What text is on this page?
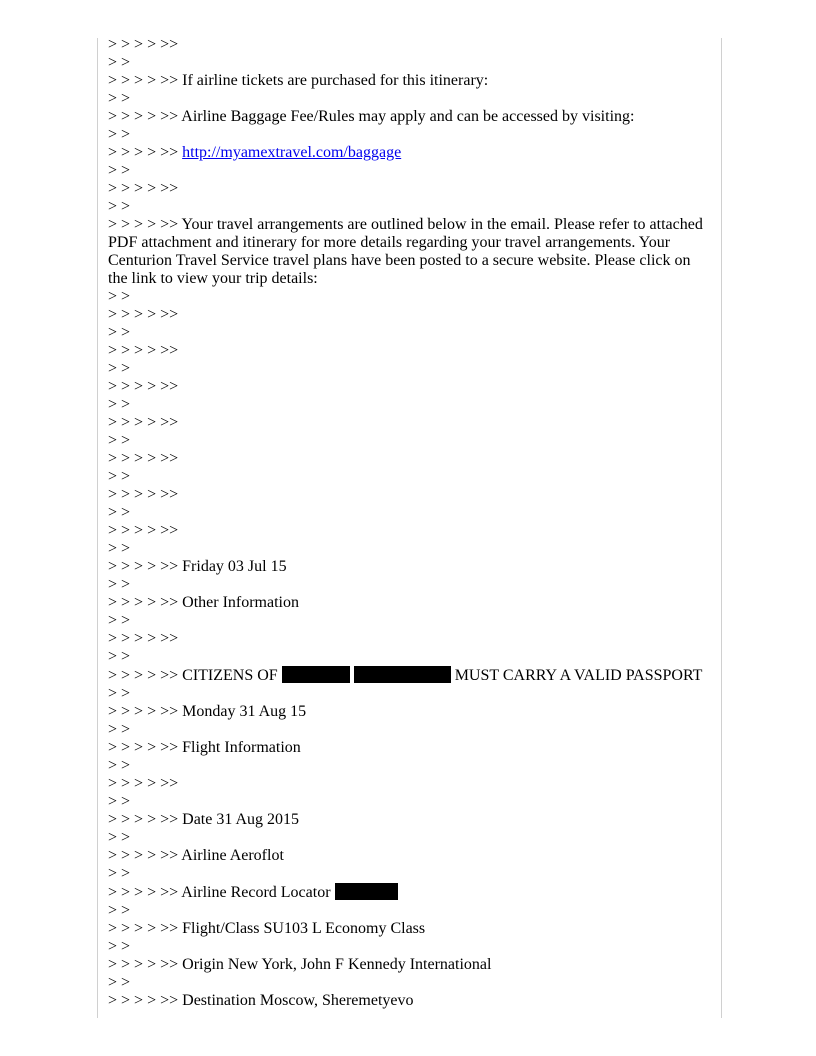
> > > > >>

> >

> > > > >> If airline tickets are purchased for this itinerary:

> >

> > > > >> Airline Baggage Fee/Rules may apply and can be accessed by visiting:

> >

> > > > >> http://myamextravel.com/baggage

> >

> > > > >>

> >

> > > > >> Your travel arrangements are outlined below in the email. Please refer to attached PDF attachment and itinerary for more details regarding your travel arrangements. Your Centurion Travel Service travel plans have been posted to a secure website. Please click on the link to view your trip details:

> >

> > > > >>

> >

> > > > >>

> >

> > > > >>

> >

> > > > >>

> >

> > > > >>

> >

> > > > >>

> >

> > > > >>

> >

> > > > >> Friday 03 Jul 15

> >

> > > > >> Other Information

> >

> > > > >>

> >

> > > > >> CITIZENS OF	MUST CARRY A VALID PASSPORT

> >

> > > > >> Monday 31 Aug 15

> >

> > > > >> Flight Information

> >

> > > > >>

> >

> > > > >> Date 31 Aug 2015

> >

> > > > >> Airline Aeroflot

> >

> > > > >> Airline Record Locator

> >

> > > > >> Flight/Class SU103 L Economy Class

> >

> > > > >> Origin New York, John F Kennedy International

> >

> > > > >> Destination Moscow, Sheremetyevo
